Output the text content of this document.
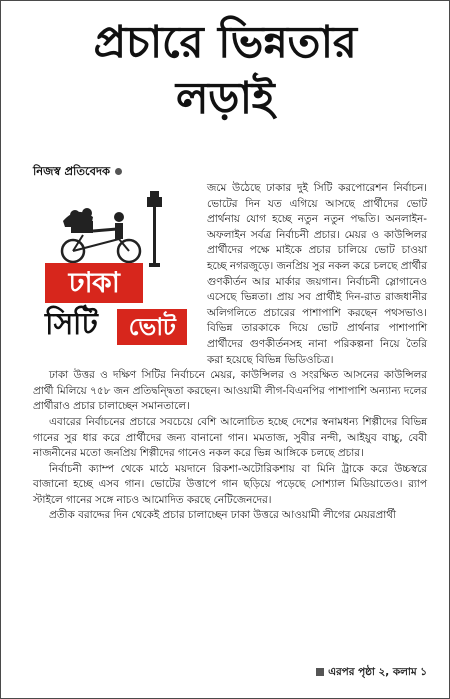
প্রচারে ভিন্নতার
লড়াই
নিজস্ব প্রতিবেদক

ঢাকা
সিটি	ভোট
জমে উঠেছে ঢাকার দুই সিটি করপোরেশন নির্বাচন। ভোটের দিন যত এগিয়ে আসছে প্রার্থীদের ভোট প্রার্থনায় যোগ হচ্ছে নতুন নতুন পদ্ধতি। অনলাইন-অফলাইন সর্বত্র নির্বাচনী প্রচার। মেয়র ও কাউন্সিলর প্রার্থীদের পক্ষে মাইকে প্রচার চালিয়ে ভোট চাওয়া হচ্ছে নগরজুড়ে। জনপ্রিয় সুর নকল করে চলছে প্রার্থীর গুণকীর্তন আর মার্কার জয়গান। নির্বাচনী স্লোগানেও এসেছে ভিন্নতা। প্রায় সব প্রার্থীই দিন-রাত রাজধানীর অলিগলিতে প্রচারের পাশাপাশি করছেন পথসভাও। বিভিন্ন তারকাকে দিয়ে ভোট প্রার্থনার পাশাপাশি প্রার্থীদের গুণকীর্তনসহ নানা পরিকল্পনা নিয়ে তৈরি করা হয়েছে বিভিন্ন ভিডিওচিত্র।

ঢাকা উত্তর ও দক্ষিণ সিটির নির্বাচনে মেয়র, কাউন্সিলর ও সংরক্ষিত আসনের কাউন্সিলর প্রার্থী মিলিয়ে ৭৫৮ জন প্রতিদ্বন্দ্বিতা করছেন। আওয়ামী লীগ-বিএনপির পাশাপাশি অন্যান্য দলের প্রার্থীরাও প্রচার চালাচ্ছেন সমানতালে।

এবারের নির্বাচনের প্রচারে সবচেয়ে বেশি আলোচিত হচ্ছে দেশের স্বনামধন্য শিল্পীদের বিভিন্ন গানের সুর ধার করে প্রার্থীদের জন্য বানানো গান। মমতাজ, সুবীর নন্দী, আইয়ুব বাচ্চু, বেবী নাজনীনের মতো জনপ্রিয় শিল্পীদের গানেও নকল করে ভিন্ন আঙ্গিকে চলছে প্রচার।

নির্বাচনী ক্যাম্প থেকে মাঠে ময়দানে রিকশা-অটোরিকশায় বা মিনি ট্রাকে করে উচ্চস্বরে বাজানো হচ্ছে এসব গান। ভোটের উত্তাপে গান ছড়িয়ে পড়েছে সোশ্যাল মিডিয়াতেও। র‍্যাপ স্টাইলে গানের সঙ্গে নাচও আমোদিত করছে নেটিজেনদের।

প্রতীক বরাদ্দের দিন থেকেই প্রচার চালাচ্ছেন ঢাকা উত্তরে আওয়ামী লীগের মেয়রপ্রার্থী

এরপর পৃষ্ঠা ২, কলাম ১
